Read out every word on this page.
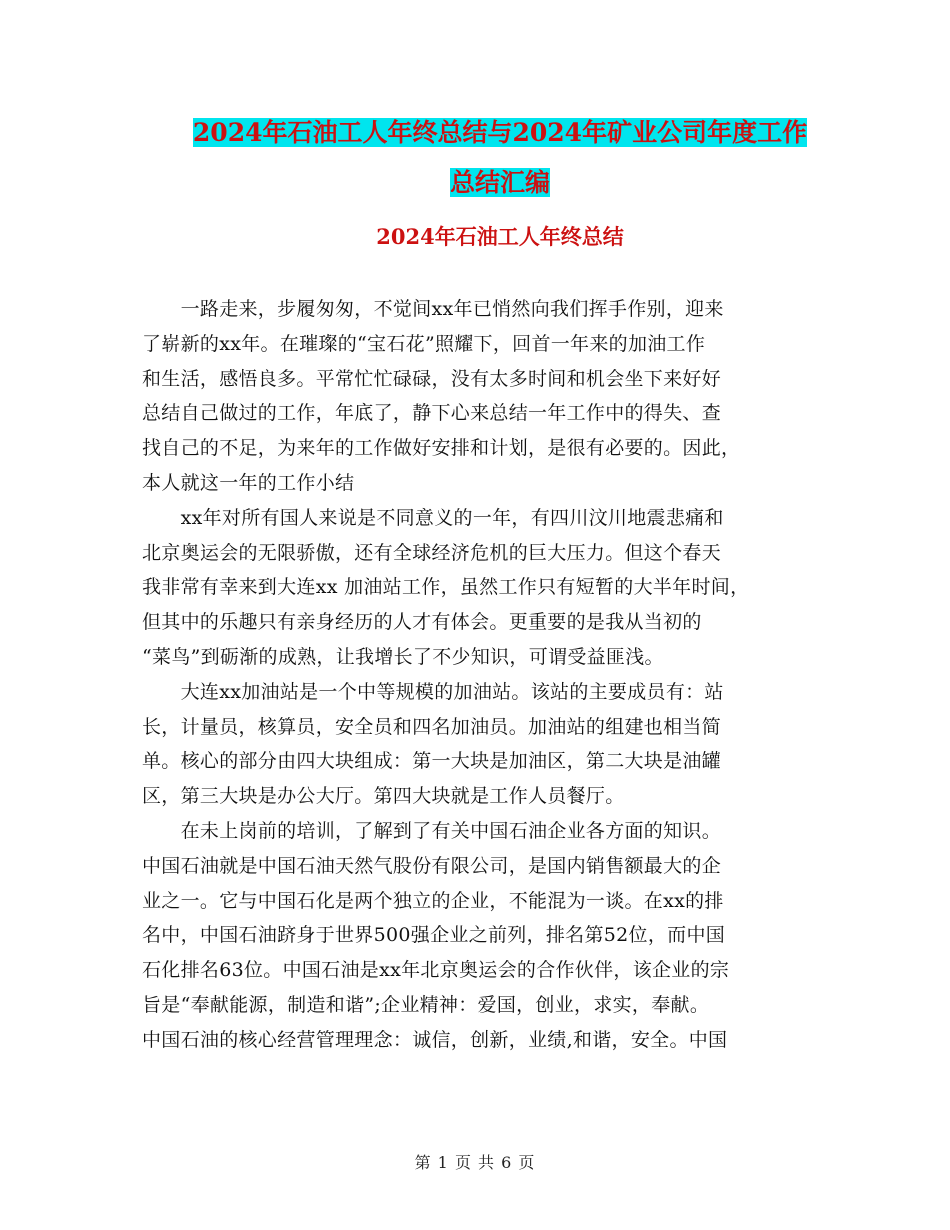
2024年石油工人年终总结与2024年矿业公司年度工作
总结汇编
2024年石油工人年终总结

　　一路走来，步履匆匆，不觉间xx年已悄然向我们挥手作别，迎来
了崭新的xx年。在璀璨的“宝石花”照耀下，回首一年来的加油工作
和生活，感悟良多。平常忙忙碌碌，没有太多时间和机会坐下来好好
总结自己做过的工作，年底了，静下心来总结一年工作中的得失、查
找自己的不足，为来年的工作做好安排和计划，是很有必要的。因此，
本人就这一年的工作小结

　　xx年对所有国人来说是不同意义的一年，有四川汶川地震悲痛和
北京奥运会的无限骄傲，还有全球经济危机的巨大压力。但这个春天
我非常有幸来到大连xx 加油站工作，虽然工作只有短暂的大半年时间，
但其中的乐趣只有亲身经历的人才有体会。更重要的是我从当初的
“菜鸟”到砺渐的成熟，让我增长了不少知识，可谓受益匪浅。

　　大连xx加油站是一个中等规模的加油站。该站的主要成员有：站
长，计量员，核算员，安全员和四名加油员。加油站的组建也相当简
单。核心的部分由四大块组成：第一大块是加油区，第二大块是油罐
区，第三大块是办公大厅。第四大块就是工作人员餐厅。

　　在未上岗前的培训，了解到了有关中国石油企业各方面的知识。
中国石油就是中国石油天然气股份有限公司，是国内销售额最大的企
业之一。它与中国石化是两个独立的企业，不能混为一谈。在xx的排
名中，中国石油跻身于世界500强企业之前列，排名第52位，而中国
石化排名63位。中国石油是xx年北京奥运会的合作伙伴，该企业的宗
旨是“奉献能源，制造和谐”;企业精神：爱国，创业，求实，奉献。
中国石油的核心经营管理理念：诚信，创新，业绩,和谐，安全。中国

第 1 页 共 6 页
